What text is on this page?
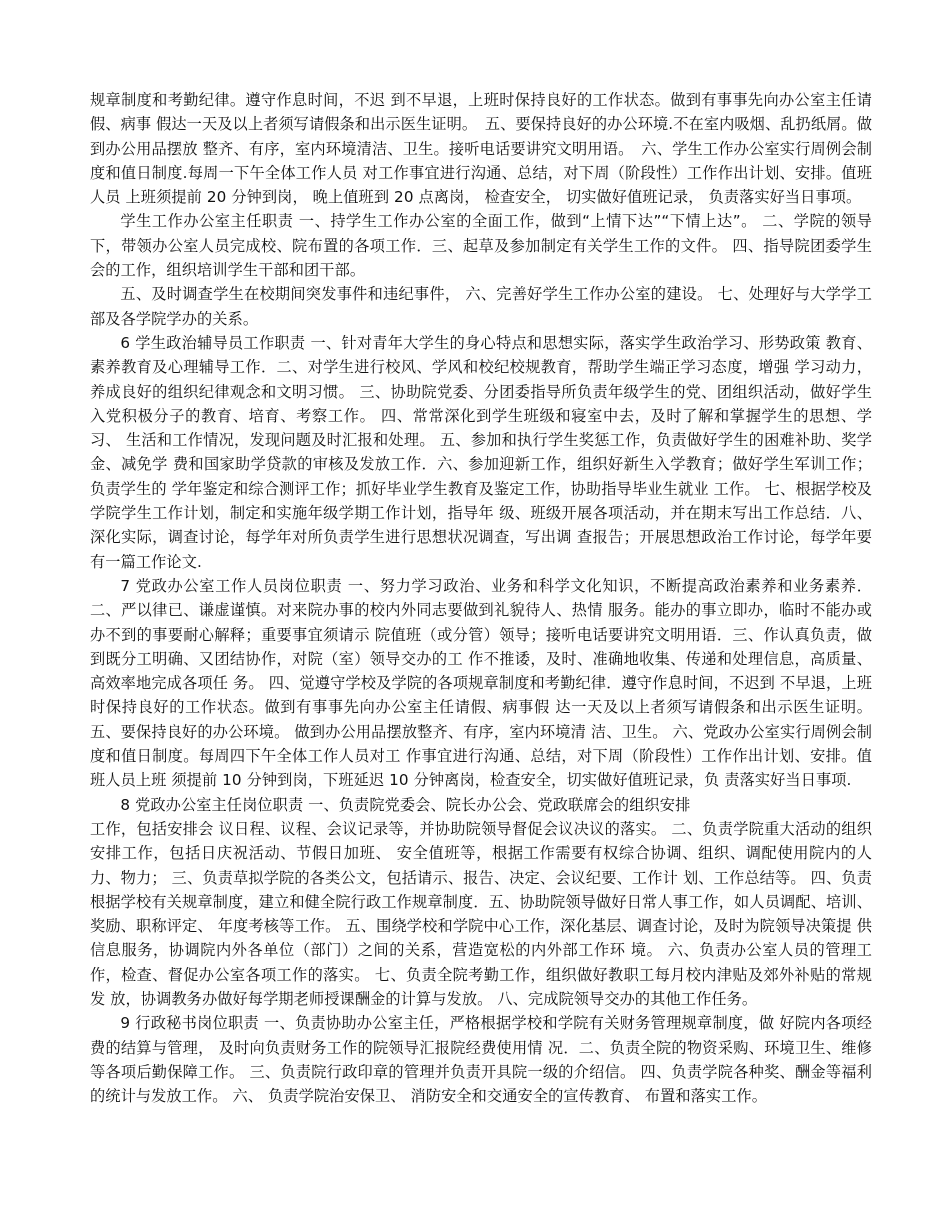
规章制度和考勤纪律。遵守作息时间，不迟 到不早退，上班时保持良好的工作状态。做到有事事先向办公室主任请假、病事 假达一天及以上者须写请假条和出示医生证明。　五、要保持良好的办公环境.不在室内吸烟、乱扔纸屑。做到办公用品摆放 整齐、有序，室内环境清洁、卫生。接听电话要讲究文明用语。　六、学生工作办公室实行周例会制度和值日制度.每周一下午全体工作人员 对工作事宜进行沟通、总结，对下周（阶段性）工作作出计划、安排。值班人员 上班须提前 20 分钟到岗， 晚上值班到 20 点离岗， 检查安全， 切实做好值班记录， 负责落实好当日事项。

学生工作办公室主任职责 一、持学生工作办公室的全面工作，做到“上情下达”“下情上达”。 二、学院的领导下，带领办公室人员完成校、院布置的各项工作．三、起草及参加制定有关学生工作的文件。 四、指导院团委学生会的工作，组织培训学生干部和团干部。

五、及时调查学生在校期间突发事件和违纪事件， 六、完善好学生工作办公室的建设。 七、处理好与大学学工部及各学院学办的关系。

6 学生政治辅导员工作职责 一、针对青年大学生的身心特点和思想实际，落实学生政治学习、形势政策 教育、素养教育及心理辅导工作．二、对学生进行校风、学风和校纪校规教育，帮助学生端正学习态度，增强 学习动力，养成良好的组织纪律观念和文明习惯。 三、协助院党委、分团委指导所负责年级学生的党、团组织活动，做好学生 入党积极分子的教育、培育、考察工作。 四、常常深化到学生班级和寝室中去，及时了解和掌握学生的思想、学习、 生活和工作情况，发现问题及时汇报和处理。 五、参加和执行学生奖惩工作，负责做好学生的困难补助、奖学金、减免学 费和国家助学贷款的审核及发放工作．六、参加迎新工作，组织好新生入学教育；做好学生军训工作；负责学生的 学年鉴定和综合测评工作；抓好毕业学生教育及鉴定工作，协助指导毕业生就业 工作。 七、根据学校及学院学生工作计划，制定和实施年级学期工作计划，指导年 级、班级开展各项活动，并在期末写出工作总结．八、深化实际，调查讨论，每学年对所负责学生进行思想状况调查，写出调 查报告；开展思想政治工作讨论，每学年要有一篇工作论文.

7 党政办公室工作人员岗位职责 一、努力学习政治、业务和科学文化知识，不断提高政治素养和业务素养．二、严以律已、谦虚谨慎。对来院办事的校内外同志要做到礼貌待人、热情 服务。能办的事立即办，临时不能办或办不到的事要耐心解释；重要事宜须请示 院值班（或分管）领导；接听电话要讲究文明用语．三、作认真负责，做到既分工明确、又团结协作，对院（室）领导交办的工 作不推诿，及时、准确地收集、传递和处理信息，高质量、高效率地完成各项任 务。 四、觉遵守学校及学院的各项规章制度和考勤纪律．遵守作息时间，不迟到 不早退，上班时保持良好的工作状态。做到有事事先向办公室主任请假、病事假 达一天及以上者须写请假条和出示医生证明。 五、要保持良好的办公环境。 做到办公用品摆放整齐、有序，室内环境清 洁、卫生。 六、党政办公室实行周例会制度和值日制度。每周四下午全体工作人员对工 作事宜进行沟通、总结，对下周（阶段性）工作作出计划、安排。值班人员上班 须提前 10 分钟到岗，下班延迟 10 分钟离岗，检查安全，切实做好值班记录，负 责落实好当日事项.

8 党政办公室主任岗位职责 一、负责院党委会、院长办公会、党政联席会的组织安排

工作，包括安排会 议日程、议程、会议记录等，并协助院领导督促会议决议的落实。 二、负责学院重大活动的组织安排工作，包括日庆祝活动、节假日加班、 安全值班等，根据工作需要有权综合协调、组织、调配使用院内的人力、物力； 三、负责草拟学院的各类公文，包括请示、报告、决定、会议纪要、工作计 划、工作总结等。 四、负责根据学校有关规章制度，建立和健全院行政工作规章制度．五、协助院领导做好日常人事工作，如人员调配、培训、奖励、职称评定、 年度考核等工作。 五、围绕学校和学院中心工作，深化基层、调查讨论，及时为院领导决策提 供信息服务，协调院内外各单位（部门）之间的关系，营造宽松的内外部工作环 境。 六、负责办公室人员的管理工作，检查、督促办公室各项工作的落实。 七、负责全院考勤工作，组织做好教职工每月校内津贴及郊外补贴的常规发 放，协调教务办做好每学期老师授课酬金的计算与发放。 八、完成院领导交办的其他工作任务。

9 行政秘书岗位职责 一、负责协助办公室主任，严格根据学校和学院有关财务管理规章制度，做 好院内各项经费的结算与管理， 及时向负责财务工作的院领导汇报院经费使用情 况．二、负责全院的物资采购、环境卫生、维修等各项后勤保障工作。 三、负责院行政印章的管理并负责开具院一级的介绍信。 四、负责学院各种奖、酬金等福利的统计与发放工作。 六、 负责学院治安保卫、 消防安全和交通安全的宣传教育、 布置和落实工作。
